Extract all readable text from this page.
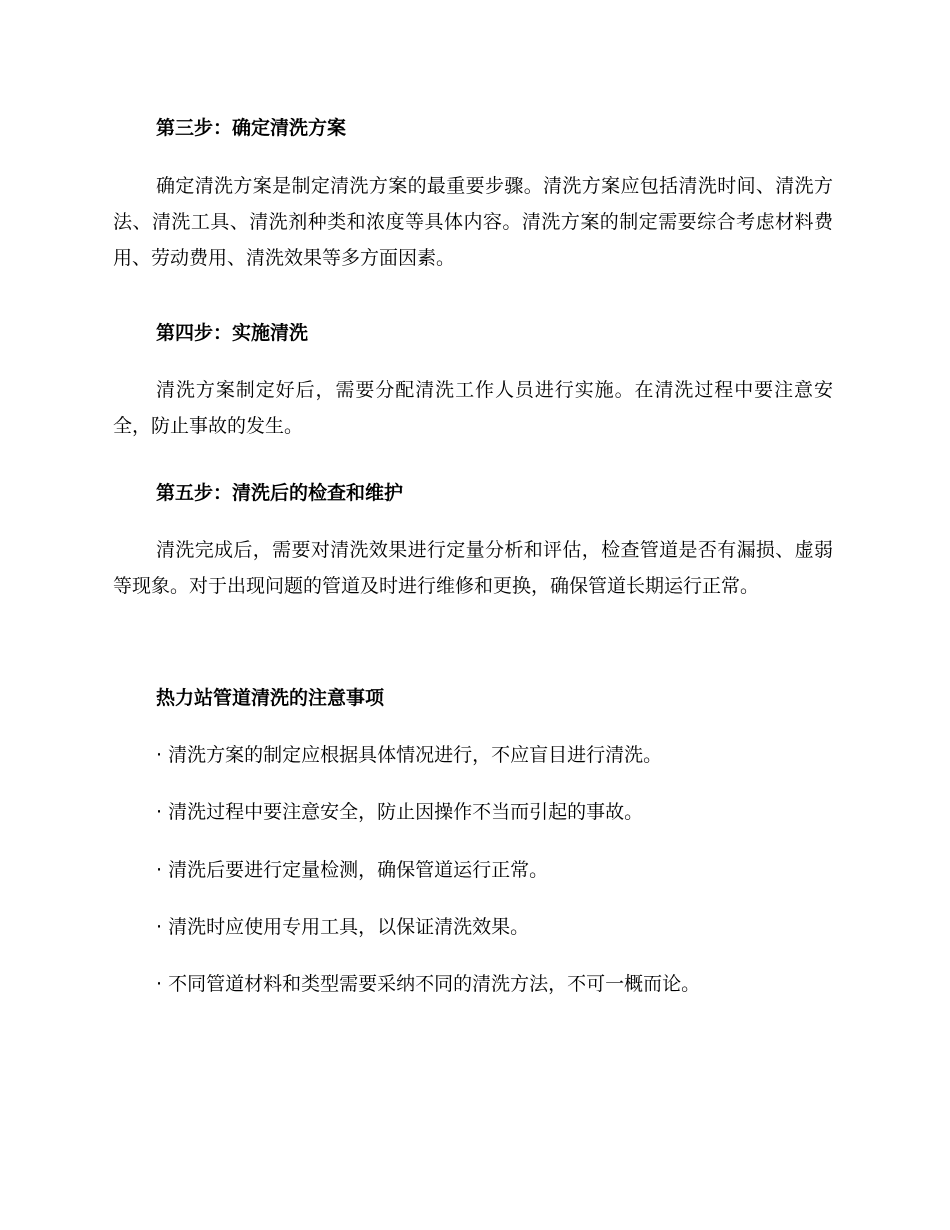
第三步：确定清洗方案

确定清洗方案是制定清洗方案的最重要步骤。清洗方案应包括清洗时间、清洗方法、清洗工具、清洗剂种类和浓度等具体内容。清洗方案的制定需要综合考虑材料费用、劳动费用、清洗效果等多方面因素。

第四步：实施清洗

清洗方案制定好后，需要分配清洗工作人员进行实施。在清洗过程中要注意安全，防止事故的发生。

第五步：清洗后的检查和维护

清洗完成后，需要对清洗效果进行定量分析和评估，检查管道是否有漏损、虚弱等现象。对于出现问题的管道及时进行维修和更换，确保管道长期运行正常。

热力站管道清洗的注意事项

· 清洗方案的制定应根据具体情况进行，不应盲目进行清洗。

· 清洗过程中要注意安全，防止因操作不当而引起的事故。

· 清洗后要进行定量检测，确保管道运行正常。

· 清洗时应使用专用工具，以保证清洗效果。

· 不同管道材料和类型需要采纳不同的清洗方法，不可一概而论。
